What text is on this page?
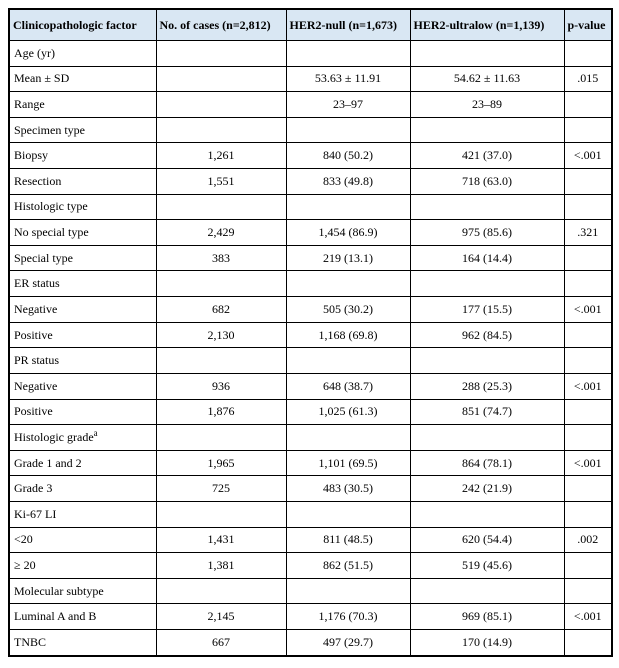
Clinicopathologic factor	No. of cases (n=2,812)	HER2-null (n=1,673)	HER2-ultralow (n=1,139)	p-value
Age (yr)				
Mean ± SD		53.63 ± 11.91	54.62 ± 11.63	.015
Range		23–97	23–89	
Specimen type				
Biopsy	1,261	840 (50.2)	421 (37.0)	<.001
Resection	1,551	833 (49.8)	718 (63.0)	
Histologic type				
No special type	2,429	1,454 (86.9)	975 (85.6)	.321
Special type	383	219 (13.1)	164 (14.4)	
ER status				
Negative	682	505 (30.2)	177 (15.5)	<.001
Positive	2,130	1,168 (69.8)	962 (84.5)	
PR status				
Negative	936	648 (38.7)	288 (25.3)	<.001
Positive	1,876	1,025 (61.3)	851 (74.7)	
Histologic grade$^a$				
Grade 1 and 2	1,965	1,101 (69.5)	864 (78.1)	<.001
Grade 3	725	483 (30.5)	242 (21.9)	
Ki-67 LI				
<20	1,431	811 (48.5)	620 (54.4)	.002
≥ 20	1,381	862 (51.5)	519 (45.6)	
Molecular subtype				
Luminal A and B	2,145	1,176 (70.3)	969 (85.1)	<.001
TNBC	667	497 (29.7)	170 (14.9)	
